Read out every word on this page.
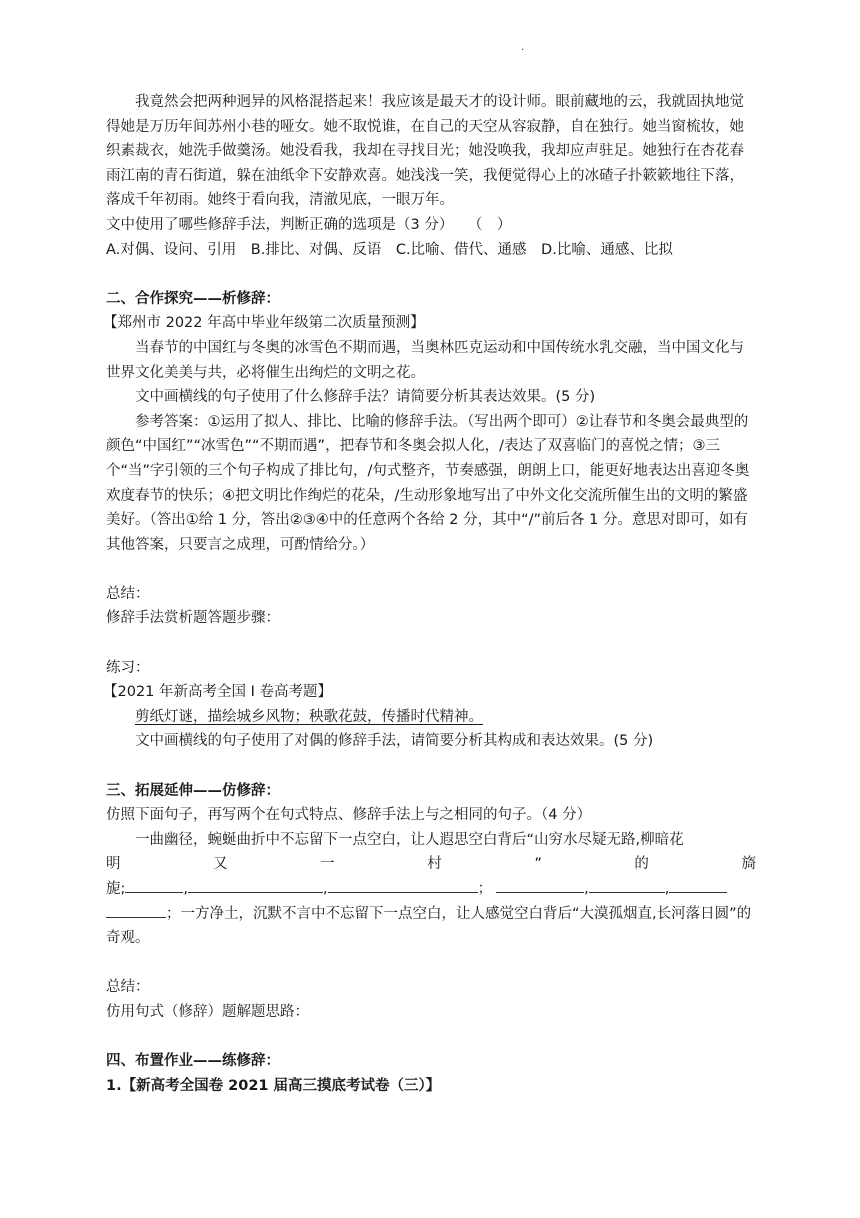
.

我竟然会把两种迥异的风格混搭起来！我应该是最天才的设计师。眼前藏地的云，我就固执地觉得她是万历年间苏州小巷的哑女。她不取悦谁，在自己的天空从容寂静，自在独行。她当窗梳妆，她织素裁衣，她洗手做羹汤。她没看我，我却在寻找目光；她没唤我，我却应声驻足。她独行在杏花春雨江南的青石街道，躲在油纸伞下安静欢喜。她浅浅一笑，我便觉得心上的冰碴子扑簌簌地往下落，落成千年初雨。她终于看向我，清澈见底，一眼万年。

文中使用了哪些修辞手法，判断正确的选项是（3 分）　　（　）

A.对偶、设问、引用　B.排比、对偶、反语　C.比喻、借代、通感　D.比喻、通感、比拟

二、合作探究——析修辞：

【郑州市 2022 年高中毕业年级第二次质量预测】

当春节的中国红与冬奥的冰雪色不期而遇，当奥林匹克运动和中国传统水乳交融，当中国文化与世界文化美美与共，必将催生出绚烂的文明之花。

文中画横线的句子使用了什么修辞手法？请简要分析其表达效果。(5 分)

参考答案：①运用了拟人、排比、比喻的修辞手法。（写出两个即可）②让春节和冬奥会最典型的颜色“中国红”“冰雪色”“不期而遇”，把春节和冬奥会拟人化，/表达了双喜临门的喜悦之情；③三个“当”字引领的三个句子构成了排比句，/句式整齐，节奏感强，朗朗上口，能更好地表达出喜迎冬奥欢度春节的快乐；④把文明比作绚烂的花朵，/生动形象地写出了中外文化交流所催生出的文明的繁盛美好。（答出①给 1 分，答出②③④中的任意两个各给 2 分，其中“/”前后各 1 分。意思对即可，如有其他答案，只要言之成理，可酌情给分。）

总结：

修辞手法赏析题答题步骤：

练习：

【2021 年新高考全国 I 卷高考题】

剪纸灯谜，描绘城乡风物；秧歌花鼓，传播时代精神。

文中画横线的句子使用了对偶的修辞手法，请简要分析其构成和表达效果。(5 分)

三、拓展延伸——仿修辞：

仿照下面句子，再写两个在句式特点、修辞手法上与之相同的句子。（4 分）

一曲幽径，蜿蜒曲折中不忘留下一点空白，让人遐思空白背后“山穷水尽疑无路,柳暗花

明	又	一	村	”	的	旖

旎;	,	,	；	,	,

；一方净土，沉默不言中不忘留下一点空白，让人感觉空白背后“大漠孤烟直,长河落日圆”的奇观。

总结：

仿用句式（修辞）题解题思路：

四、布置作业——练修辞：

1.【新高考全国卷 2021 届高三摸底考试卷（三）】
